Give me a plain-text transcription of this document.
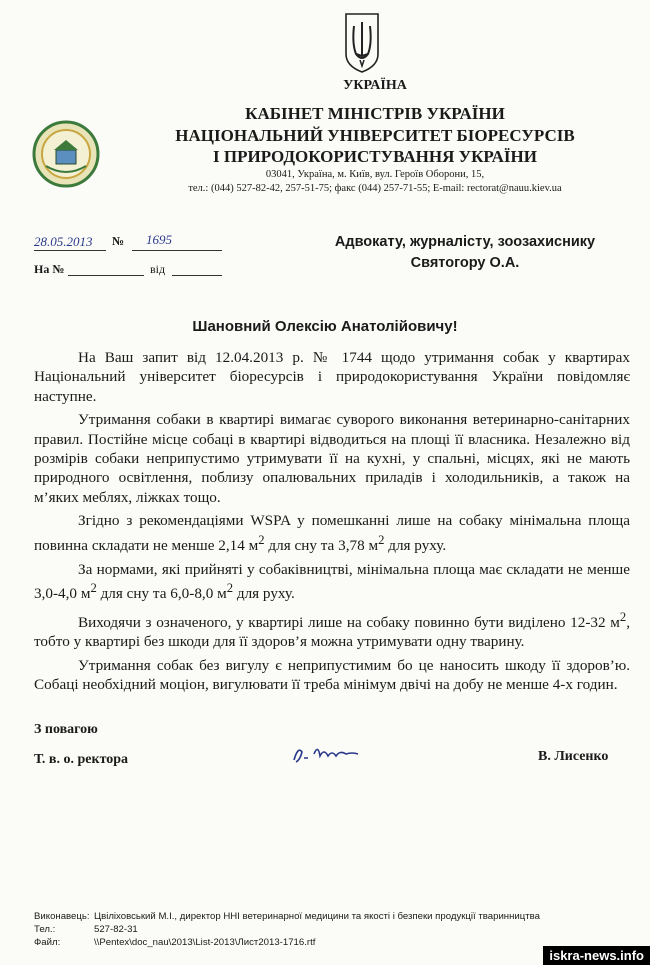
УКРАЇНА
КАБІНЕТ МІНІСТРІВ УКРАЇНИ
НАЦІОНАЛЬНИЙ УНІВЕРСИТЕТ БІОРЕСУРСІВ
І ПРИРОДОКОРИСТУВАННЯ УКРАЇНИ
03041, Україна, м. Київ, вул. Героїв Оборони, 15,
тел.: (044) 527-82-42, 257-51-75; факс (044) 257-71-55; E-mail: rectorat@nauu.kiev.ua
28.05.2013 № 1695
На №	від
Адвокату, журналісту, зоозахиснику
Святогору О.А.
Шановний Олексію Анатолійовичу!

На Ваш запит від 12.04.2013 р. № 1744 щодо утримання собак у квартирах Національний університет біоресурсів і природокористування України повідомляє наступне.

Утримання собаки в квартирі вимагає суворого виконання ветеринарно-санітарних правил. Постійне місце собаці в квартирі відводиться на площі її власника. Незалежно від розмірів собаки неприпустимо утримувати її на кухні, у спальні, місцях, які не мають природного освітлення, поблизу опалювальних приладів і холодильників, а також на м’яких меблях, ліжках тощо.

Згідно з рекомендаціями WSPA у помешканні лише на собаку мінімальна площа повинна складати не менше 2,14 $м^2$ для сну та 3,78 $м^2$ для руху.

За нормами, які прийняті у собаківництві, мінімальна площа має складати не менше 3,0-4,0 $м^2$ для сну та 6,0-8,0 $м^2$ для руху.

Виходячи з означеного, у квартирі лише на собаку повинно бути виділено 12-32 $м^2$, тобто у квартирі без шкоди для її здоров’я можна утримувати одну тварину.

Утримання собак без вигулу є неприпустимим бо це наносить шкоду її здоров’ю. Собаці необхідний моціон, вигулювати її треба мінімум двічі на добу не менше 4-х годин.

З повагою
Т. в. о. ректора	В. Лисенко
Виконавець: Цвіліховський М.І., директор ННІ ветеринарної медицини та якості і безпеки продукції тваринництва
Тел.:	527-82-31
Файл:	\\Pentex\doc_nau\2013\List-2013\Лист2013-1716.rtf
iskra-news.info
